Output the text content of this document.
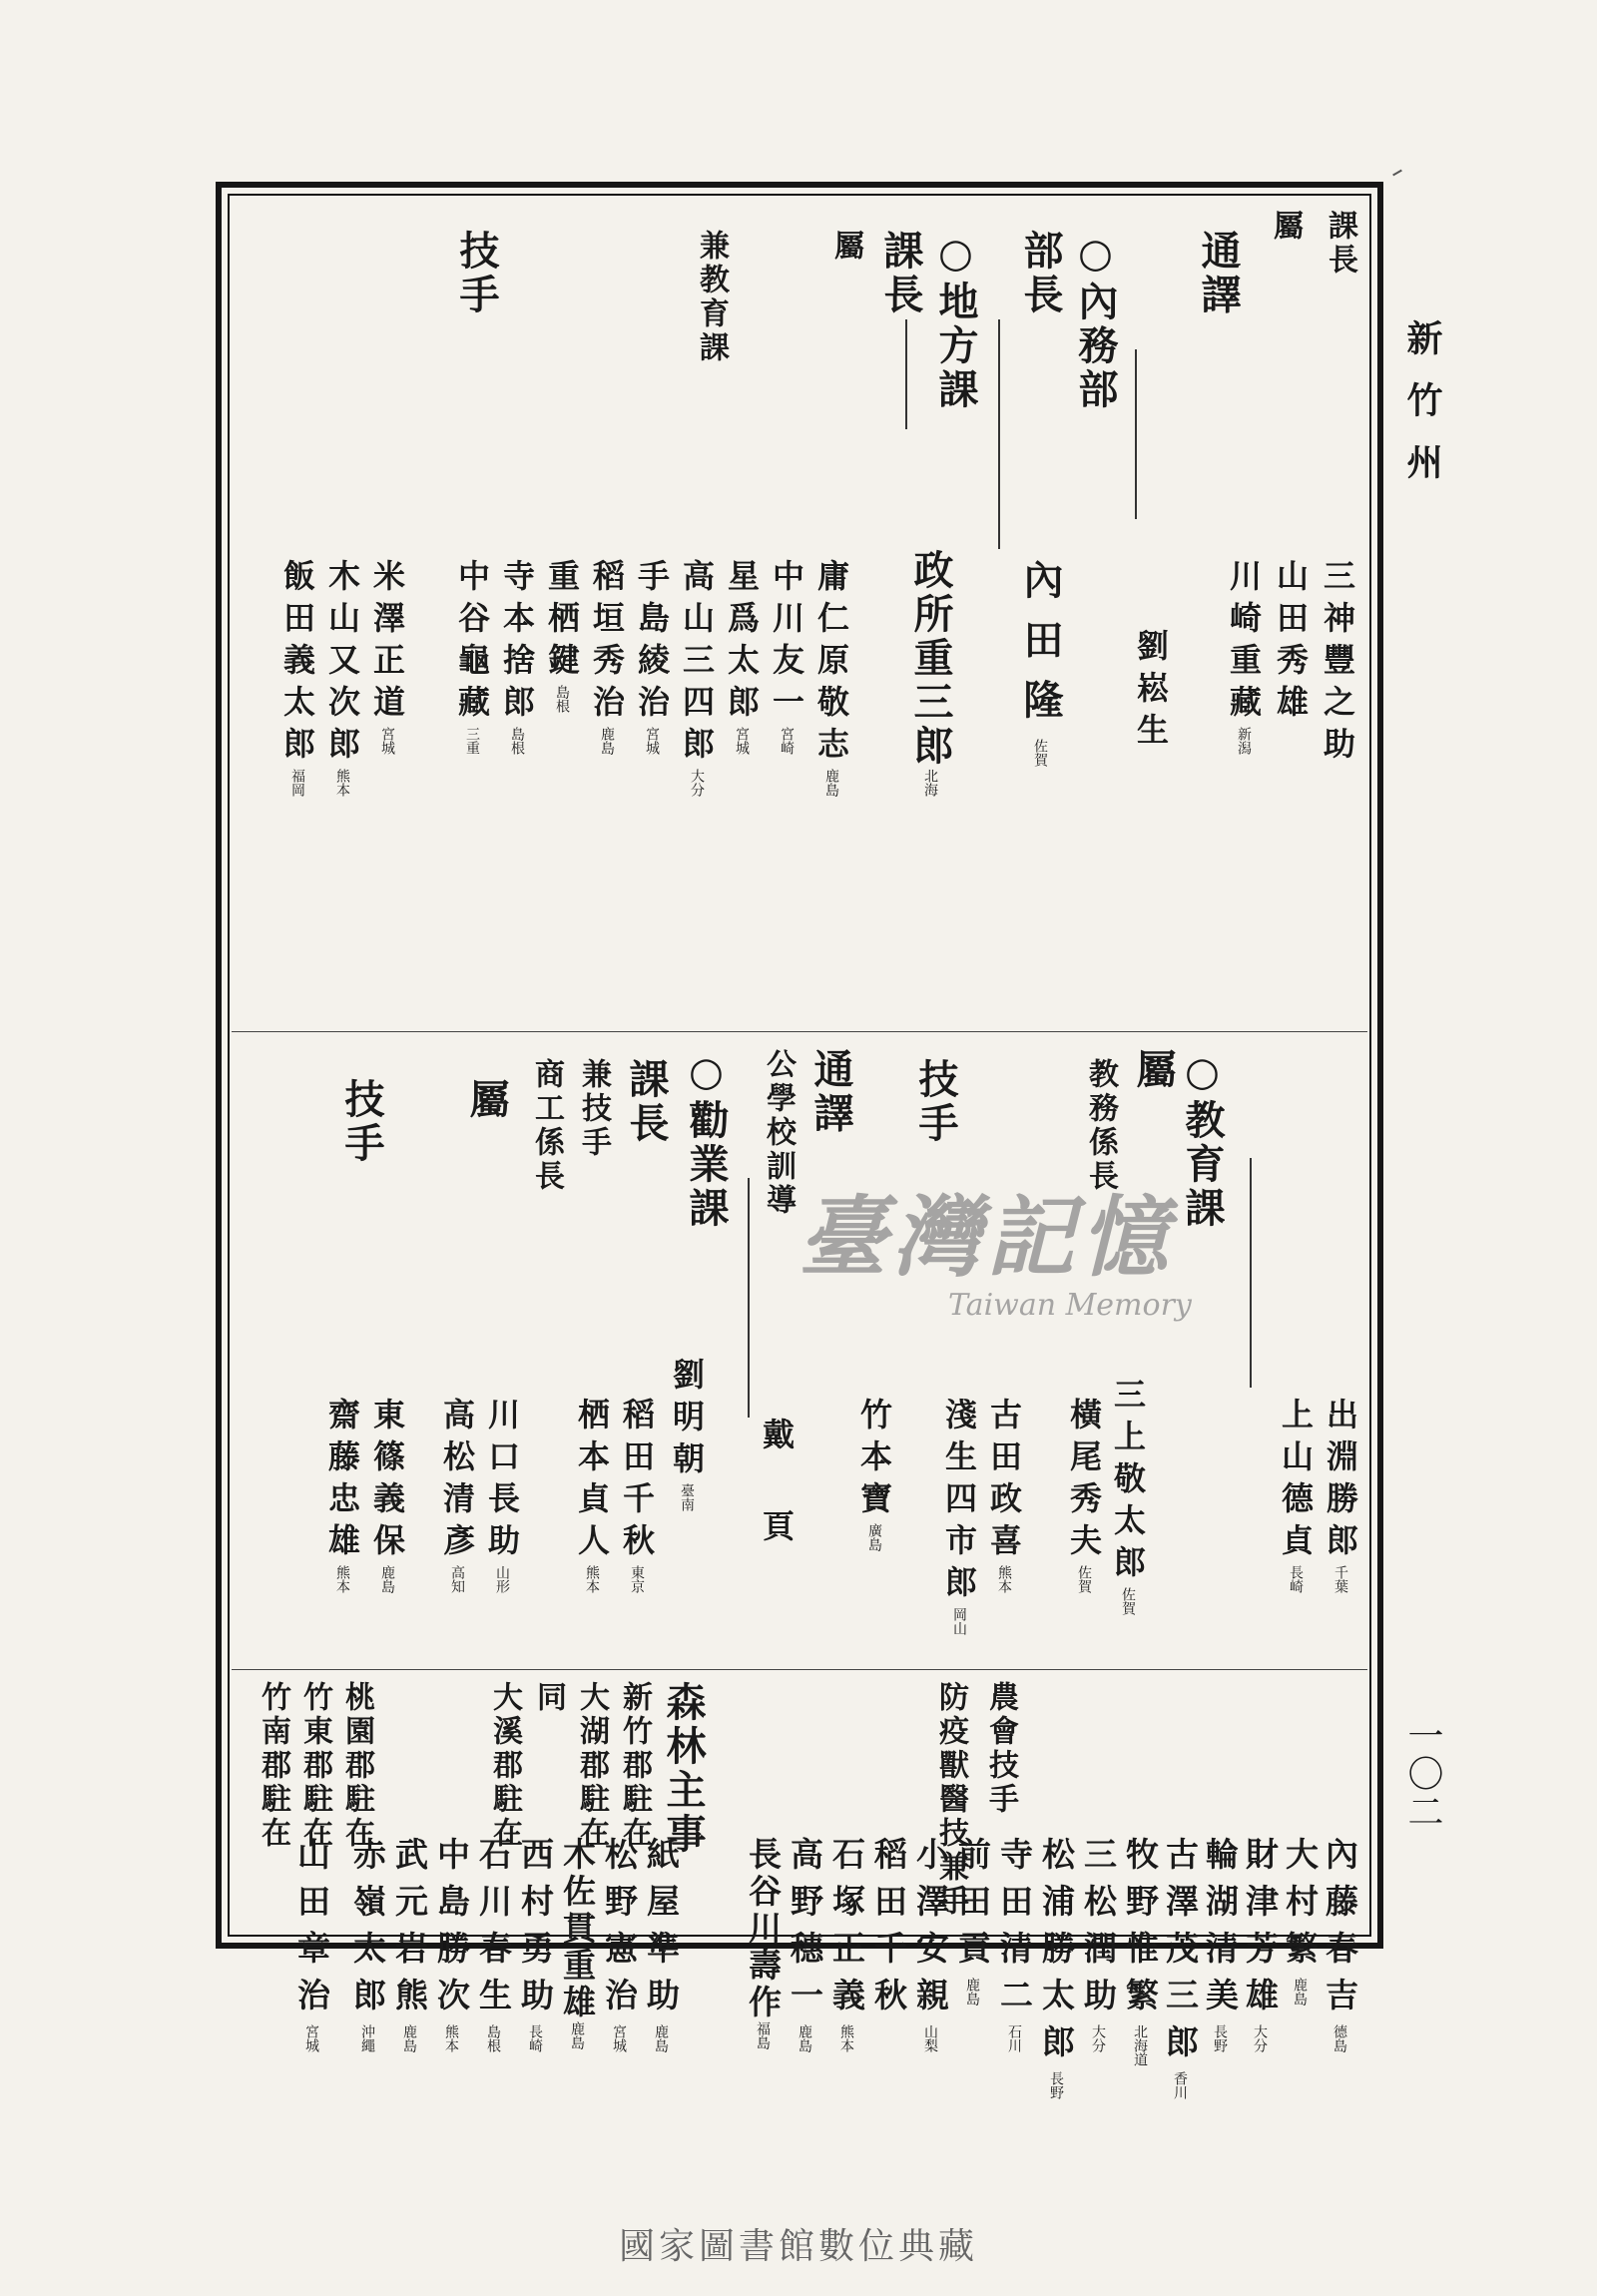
新竹州
一〇二
課長
屬
通譯
○內務部
部長
○地方課
課長
屬
兼教育課
技手
三神豐之助
山田秀雄
川崎重藏新潟
劉崧生
內田隆佐賀
政所重三郎北海
庸仁原敬志鹿島
中川友一宮崎
星爲太郎宮城
高山三四郎大分
手島綾治宮城
稻垣秀治鹿島
重栖鍵島根
寺本捨郎島根
中谷龜藏三重
米澤正道宮城
木山又次郎熊本
飯田義太郎福岡
○教育課
屬
教務係長
技手
通譯
公學校訓導
○勸業課
課長
兼技手
商工係長
屬
技手
出淵勝郎千葉
上山德貞長崎
三上敬太郎佐賀
橫尾秀夫佐賀
古田政喜熊本
淺生四市郎岡山
竹本寶廣島
戴頁
劉明朝臺南
稻田千秋東京
栖本貞人熊本
川口長助山形
高松清彥高知
東篠義保鹿島
齋藤忠雄熊本
農會技手
防疫獸醫技兼手
森林主事
新竹郡駐在
大湖郡駐在
同
大溪郡駐在
桃園郡駐在
竹東郡駐在
竹南郡駐在
內藤春吉德島
大村繁鹿島
財津芳雄大分
輪湖清美長野
古澤茂三郎香川
牧野惟繁北海道
三松潤助大分
松浦勝太郎長野
寺田清二石川
前田貢鹿島
小澤安親山梨
稻田千秋
石塚正義熊本
高野穗一鹿島
長谷川壽作福島
紙屋準助鹿島
松野憲治宮城
木佐貫重雄鹿島
西村勇助長崎
石川春生島根
中島勝次熊本
武元岩熊鹿島
赤嶺太郎沖繩
山田章治宮城
臺灣記憶
Taiwan Memory
國家圖書館數位典藏
